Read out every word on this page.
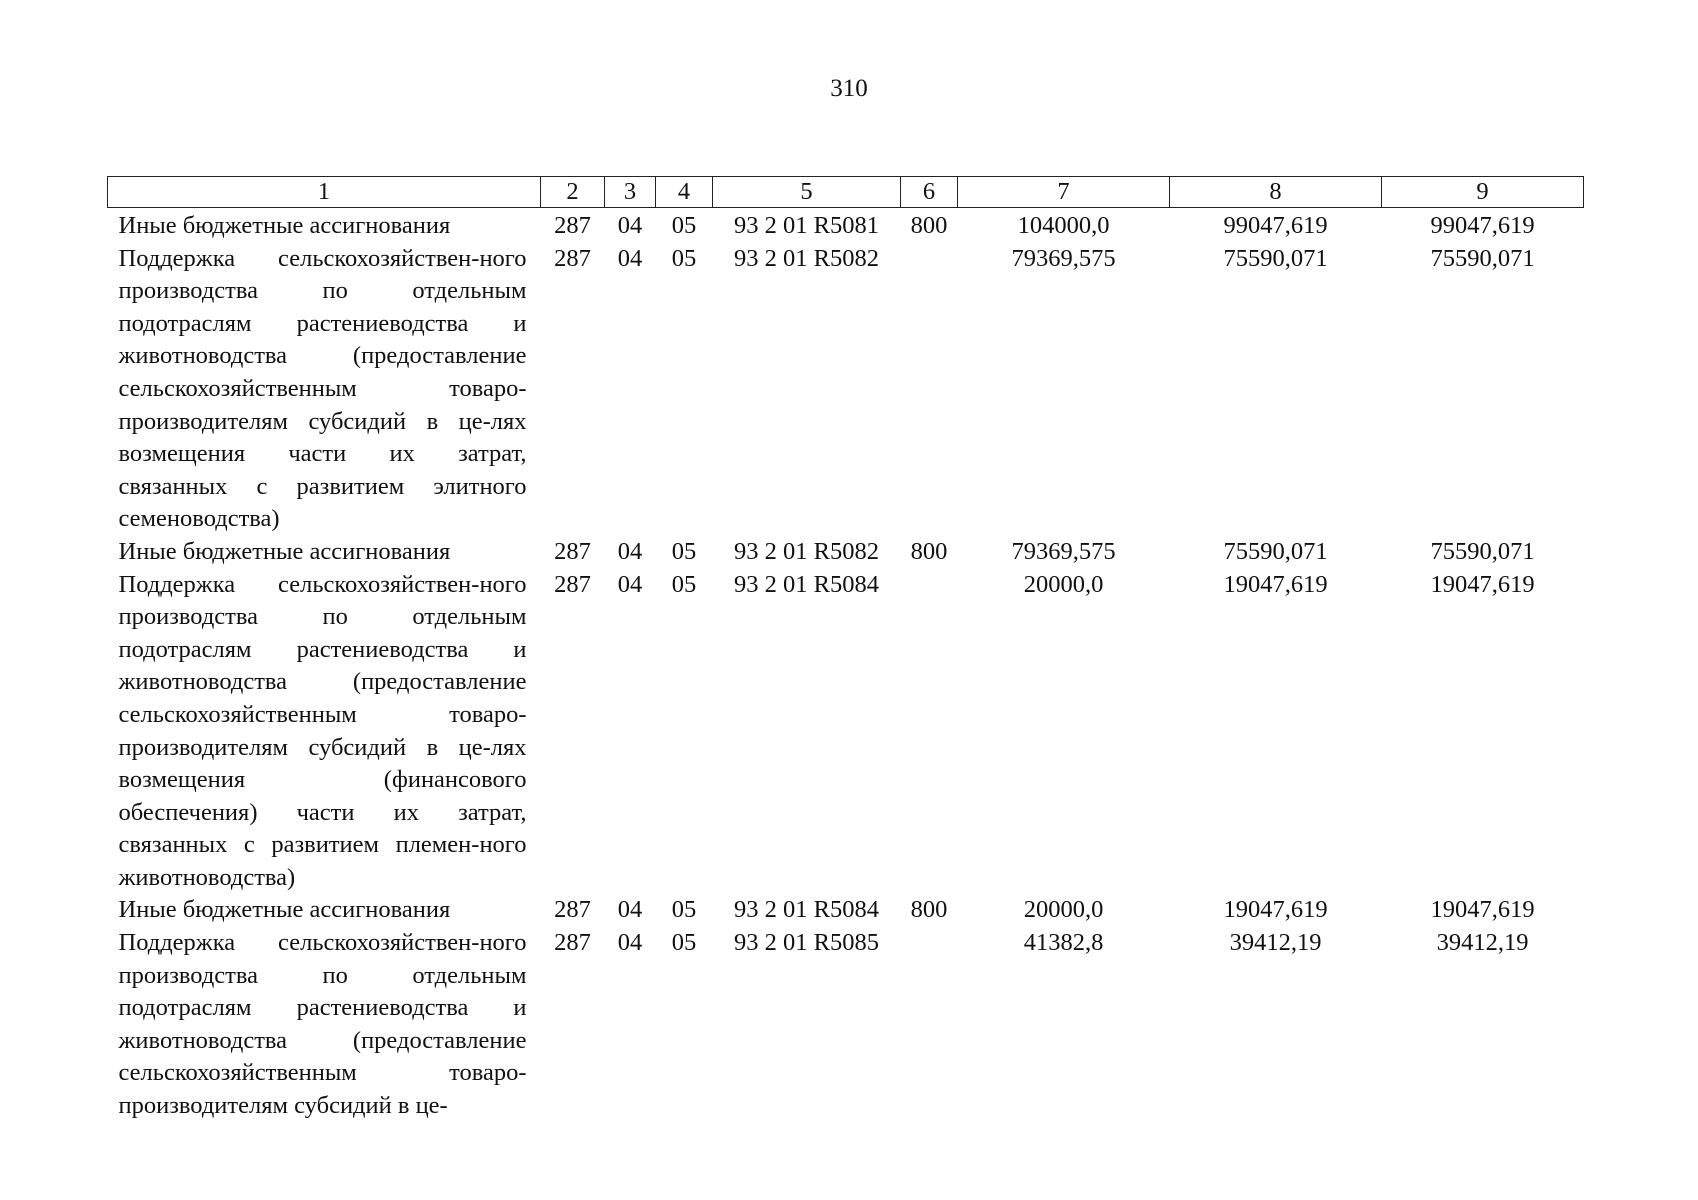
310
1	2	3	4	5	6	7	8	9
Иные бюджетные ассигнования	287	04	05	93 2 01 R5081	800	104000,0	99047,619	99047,619
Поддержка сельскохозяйствен-ного производства по отдельным подотраслям растениеводства и животноводства (предоставление сельскохозяйственным товаро-производителям субсидий в це-лях возмещения части их затрат, связанных с развитием элитного семеноводства)	287	04	05	93 2 01 R5082		79369,575	75590,071	75590,071
Иные бюджетные ассигнования	287	04	05	93 2 01 R5082	800	79369,575	75590,071	75590,071
Поддержка сельскохозяйствен-ного производства по отдельным подотраслям растениеводства и животноводства (предоставление сельскохозяйственным товаро-производителям субсидий в це-лях возмещения (финансового обеспечения) части их затрат, связанных с развитием племен-ного животноводства)	287	04	05	93 2 01 R5084		20000,0	19047,619	19047,619
Иные бюджетные ассигнования	287	04	05	93 2 01 R5084	800	20000,0	19047,619	19047,619
Поддержка сельскохозяйствен-ного производства по отдельным подотраслям растениеводства и животноводства (предоставление сельскохозяйственным товаро-производителям субсидий в це-	287	04	05	93 2 01 R5085		41382,8	39412,19	39412,19
